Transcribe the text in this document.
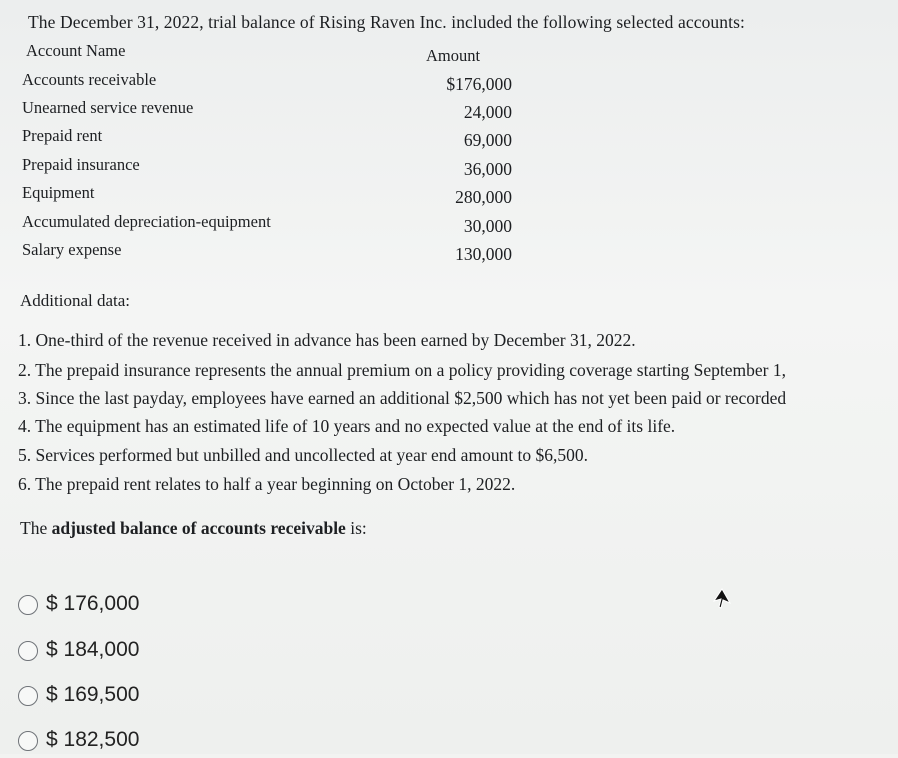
The December 31, 2022, trial balance of Rising Raven Inc. included the following selected accounts:
Account Name	Amount
Accounts receivable	$176,000
Unearned service revenue	24,000
Prepaid rent	69,000
Prepaid insurance	36,000
Equipment	280,000
Accumulated depreciation-equipment	30,000
Salary expense	130,000
Additional data:
1. One-third of the revenue received in advance has been earned by December 31, 2022.
2. The prepaid insurance represents the annual premium on a policy providing coverage starting September 1,
3. Since the last payday, employees have earned an additional $2,500 which has not yet been paid or recorded
4. The equipment has an estimated life of 10 years and no expected value at the end of its life.
5. Services performed but unbilled and uncollected at year end amount to $6,500.
6. The prepaid rent relates to half a year beginning on October 1, 2022.
The adjusted balance of accounts receivable is:
$ 176,000
$ 184,000
$ 169,500
$ 182,500
